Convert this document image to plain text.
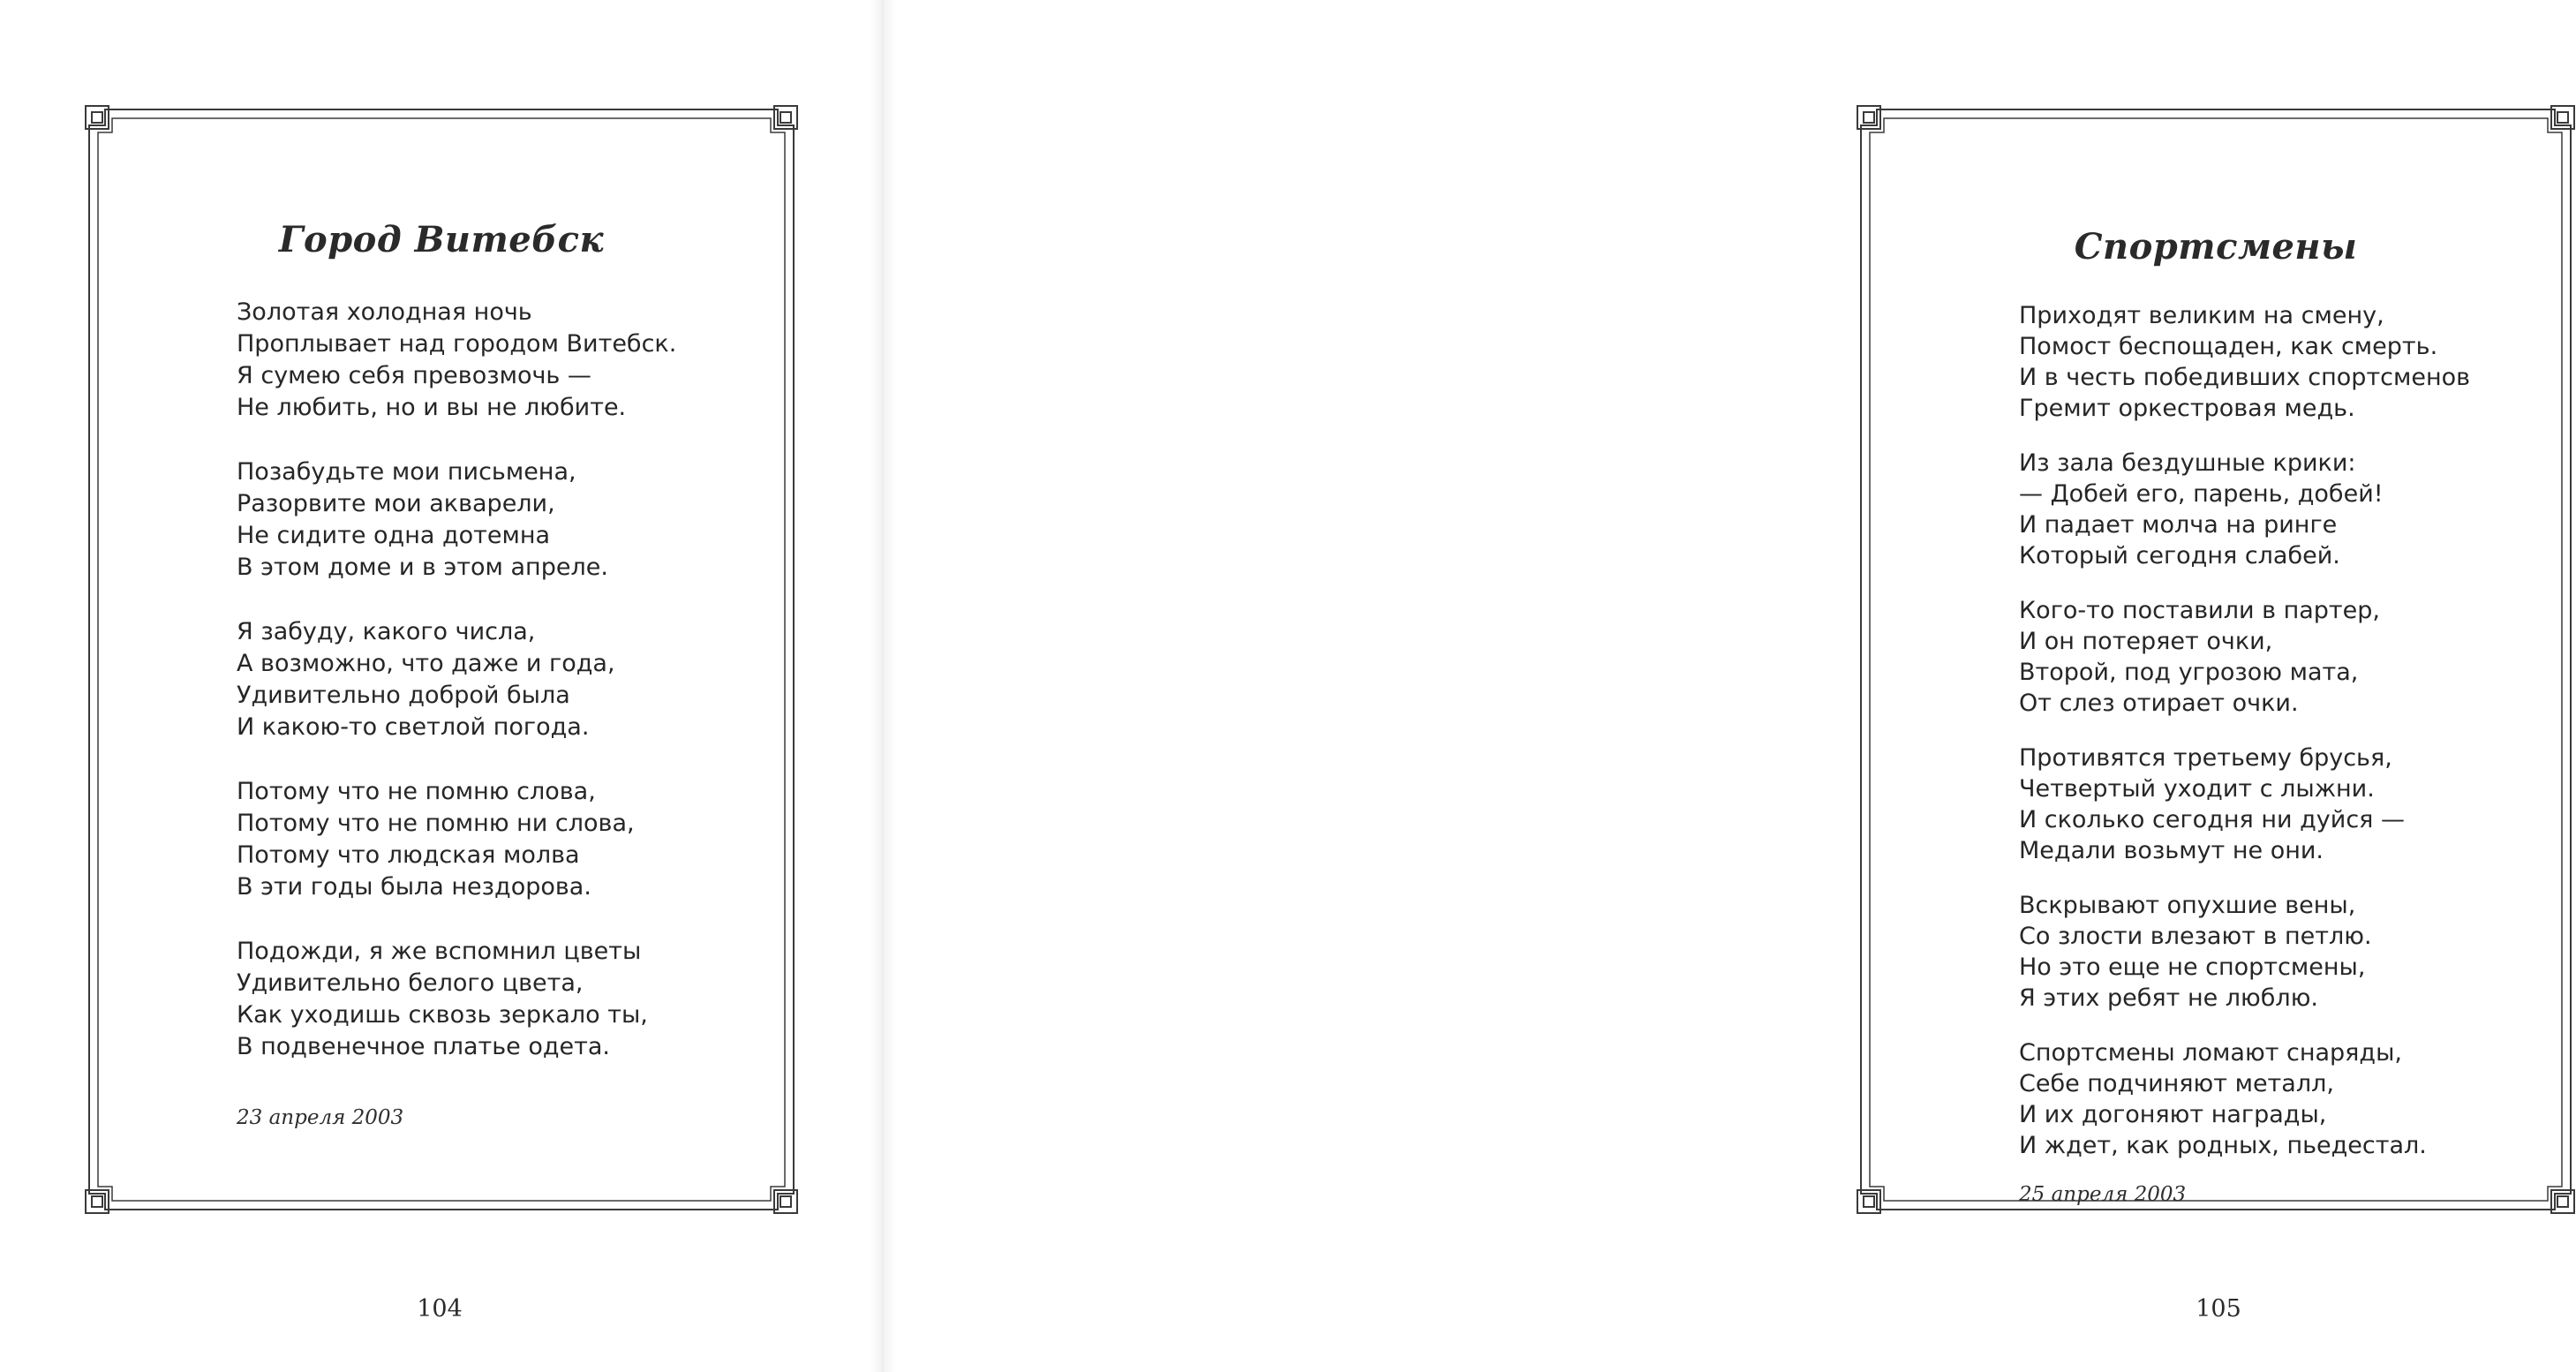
Город Витебск

Золотая холодная ночь
Проплывает над городом Витебск.
Я сумею себя превозмочь —
Не любить, но и вы не любите.

Позабудьте мои письмена,
Разорвите мои акварели,
Не сидите одна дотемна
В этом доме и в этом апреле.

Я забуду, какого числа,
А возможно, что даже и года,
Удивительно доброй была
И какою-то светлой погода.

Потому что не помню слова,
Потому что не помню ни слова,
Потому что людская молва
В эти годы была нездорова.

Подожди, я же вспомнил цветы
Удивительно белого цвета,
Как уходишь сквозь зеркало ты,
В подвенечное платье одета.

23 апреля 2003
104
Спортсмены

Приходят великим на смену,
Помост беспощаден, как смерть.
И в честь победивших спортсменов
Гремит оркестровая медь.

Из зала бездушные крики:
— Добей его, парень, добей!
И падает молча на ринге
Который сегодня слабей.

Кого-то поставили в партер,
И он потеряет очки,
Второй, под угрозою мата,
От слез отирает очки.

Противятся третьему брусья,
Четвертый уходит с лыжни.
И сколько сегодня ни дуйся —
Медали возьмут не они.

Вскрывают опухшие вены,
Со злости влезают в петлю.
Но это еще не спортсмены,
Я этих ребят не люблю.

Спортсмены ломают снаряды,
Себе подчиняют металл,
И их догоняют награды,
И ждет, как родных, пьедестал.

25 апреля 2003
105
